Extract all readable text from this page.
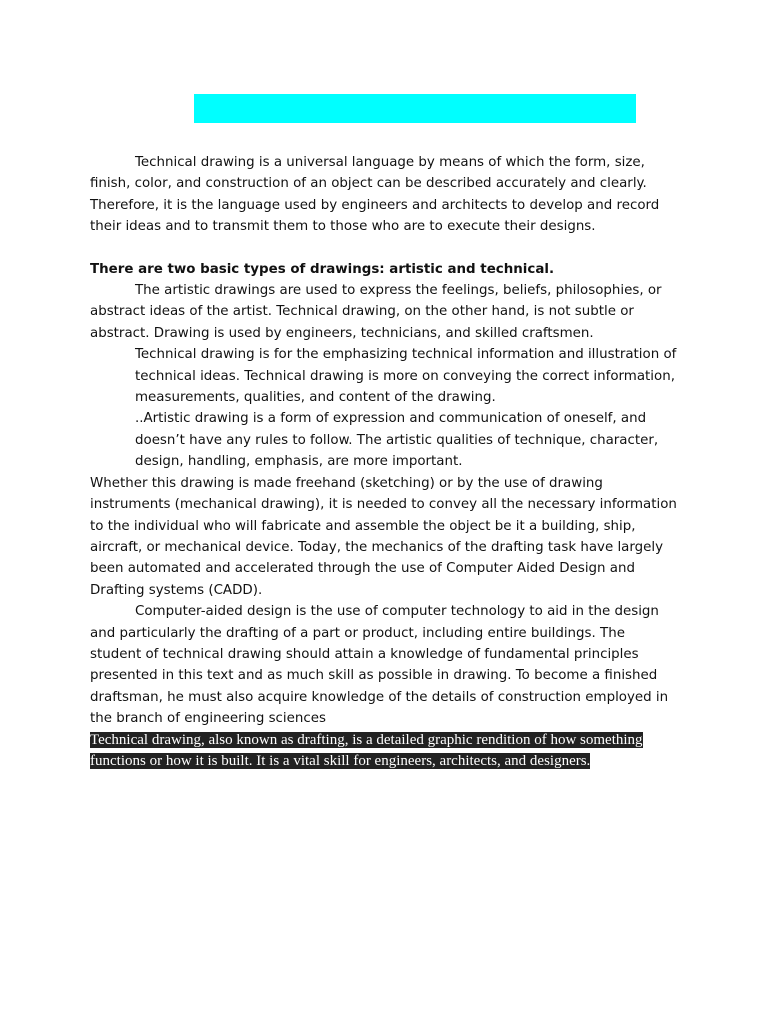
Technical drawing is a universal language by means of which the form, size, finish, color, and construction of an object can be described accurately and clearly. Therefore, it is the language used by engineers and architects to develop and record their ideas and to transmit them to those who are to execute their designs.

There are two basic types of drawings: artistic and technical.

The artistic drawings are used to express the feelings, beliefs, philosophies, or abstract ideas of the artist. Technical drawing, on the other hand, is not subtle or abstract. Drawing is used by engineers, technicians, and skilled craftsmen.

Technical drawing is for the emphasizing technical information and illustration of technical ideas. Technical drawing is more on conveying the correct information, measurements, qualities, and content of the drawing.

..Artistic drawing is a form of expression and communication of oneself, and doesn’t have any rules to follow. The artistic qualities of technique, character, design, handling, emphasis, are more important.

Whether this drawing is made freehand (sketching) or by the use of drawing instruments (mechanical drawing), it is needed to convey all the necessary information to the individual who will fabricate and assemble the object be it a building, ship, aircraft, or mechanical device. Today, the mechanics of the drafting task have largely been automated and accelerated through the use of Computer Aided Design and Drafting systems (CADD).

Computer-aided design is the use of computer technology to aid in the design and particularly the drafting of a part or product, including entire buildings. The student of technical drawing should attain a knowledge of fundamental principles presented in this text and as much skill as possible in drawing. To become a finished draftsman, he must also acquire knowledge of the details of construction employed in the branch of engineering sciences

Technical drawing, also known as drafting, is a detailed graphic rendition of how something functions or how it is built. It is a vital skill for engineers, architects, and designers.
